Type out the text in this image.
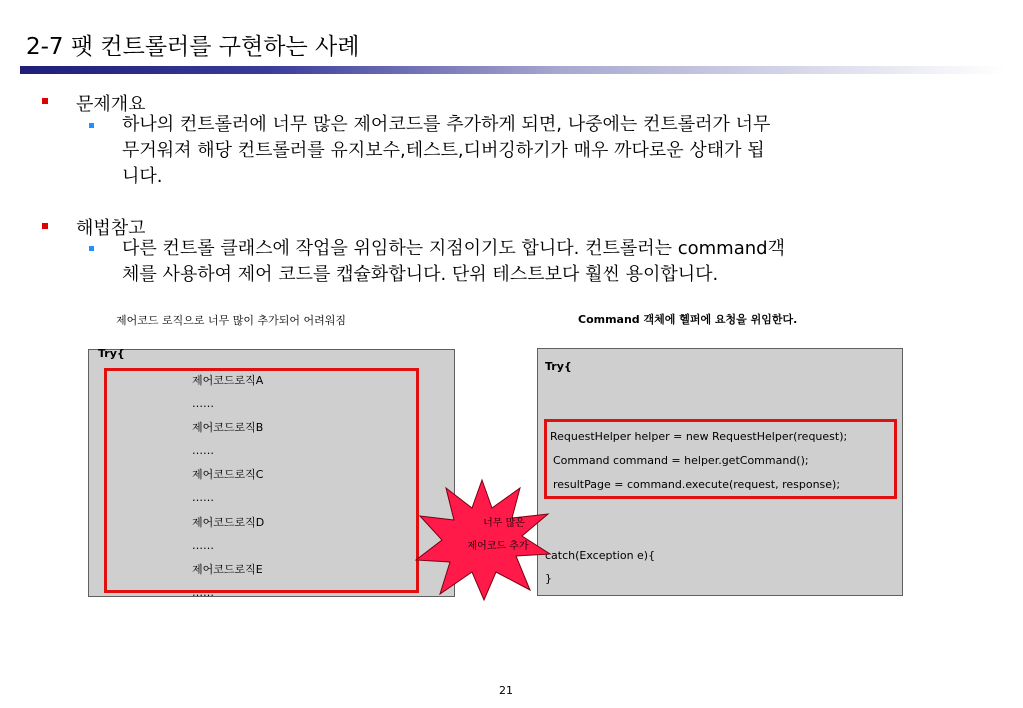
2-7 팻 컨트롤러를 구현하는 사례
문제개요
하나의 컨트롤러에 너무 많은 제어코드를 추가하게 되면, 나중에는 컨트롤러가 너무
무거워져 해당 컨트롤러를 유지보수,테스트,디버깅하기가 매우 까다로운 상태가 됩
니다.
해법참고
다른 컨트롤 클래스에 작업을 위임하는 지점이기도 합니다. 컨트롤러는 command객
체를 사용하여 제어 코드를 캡슐화합니다. 단위 테스트보다 훨씬 용이합니다.
제어코드 로직으로 너무 많이 추가되어 어려워짐	Command 객체에 헬퍼에 요청을 위임한다.
Try{
제어코드로직A
……
제어코드로직B
……
제어코드로직C
……
제어코드로직D
……
제어코드로직E
……
Try{
RequestHelper helper = new RequestHelper(request);
Command command = helper.getCommand();
resultPage = command.execute(request, response);
catch(Exception e){
}
너무 많은
제어코드 추가
21
